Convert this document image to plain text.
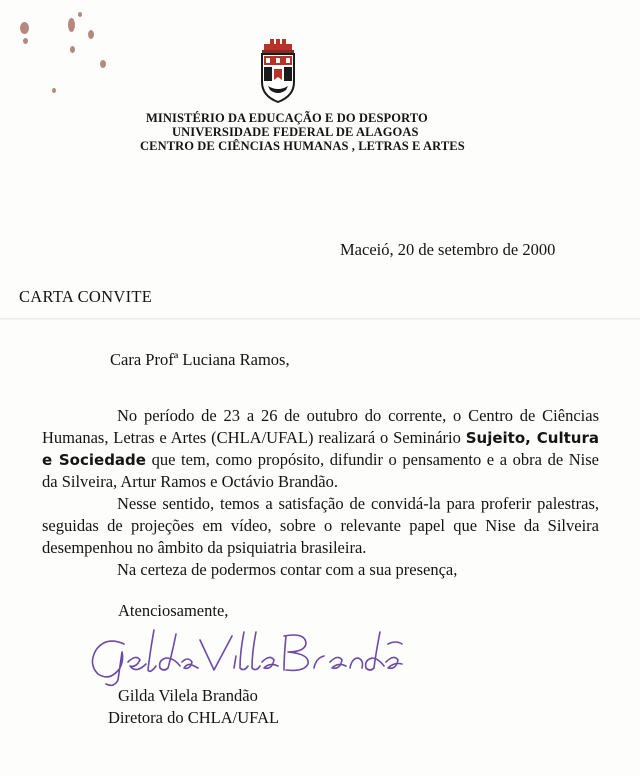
MINISTÉRIO DA EDUCAÇÃO E DO DESPORTO
UNIVERSIDADE FEDERAL DE ALAGOAS
CENTRO DE CIÊNCIAS HUMANAS , LETRAS E ARTES
Maceió, 20 de setembro de 2000
CARTA CONVITE
Cara Profª Luciana Ramos,

No período de 23 a 26 de outubro do corrente, o Centro de Ciências Humanas, Letras e Artes (CHLA/UFAL) realizará o Seminário Sujeito, Cultura e Sociedade que tem, como propósito, difundir o pensamento e a obra de Nise da Silveira, Artur Ramos e Octávio Brandão.

Nesse sentido, temos a satisfação de convidá-la para proferir palestras, seguidas de projeções em vídeo, sobre o relevante papel que Nise da Silveira desempenhou no âmbito da psiquiatria brasileira.

Na certeza de podermos contar com a sua presença,

Atenciosamente,
Gilda Vilela Brandão
Diretora do CHLA/UFAL
